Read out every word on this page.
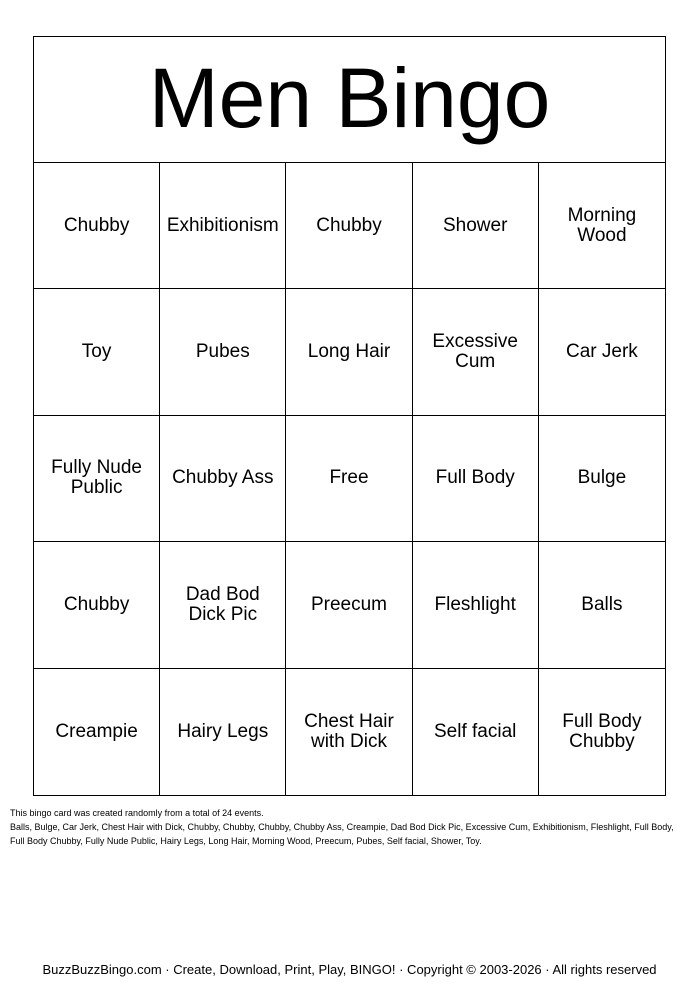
Men Bingo
Chubby	Exhibitionism	Chubby	Shower	Morning Wood
Toy	Pubes	Long Hair	Excessive Cum	Car Jerk
Fully Nude Public	Chubby Ass	Free	Full Body	Bulge
Chubby	Dad Bod Dick Pic	Preecum	Fleshlight	Balls
Creampie	Hairy Legs	Chest Hair with Dick	Self facial	Full Body Chubby

This bingo card was created randomly from a total of 24 events.

Balls, Bulge, Car Jerk, Chest Hair with Dick, Chubby, Chubby, Chubby, Chubby Ass, Creampie, Dad Bod Dick Pic, Excessive Cum, Exhibitionism, Fleshlight, Full Body, Full Body Chubby, Fully Nude Public, Hairy Legs, Long Hair, Morning Wood, Preecum, Pubes, Self facial, Shower, Toy.

BuzzBuzzBingo.com · Create, Download, Print, Play, BINGO! · Copyright © 2003-2026 · All rights reserved
